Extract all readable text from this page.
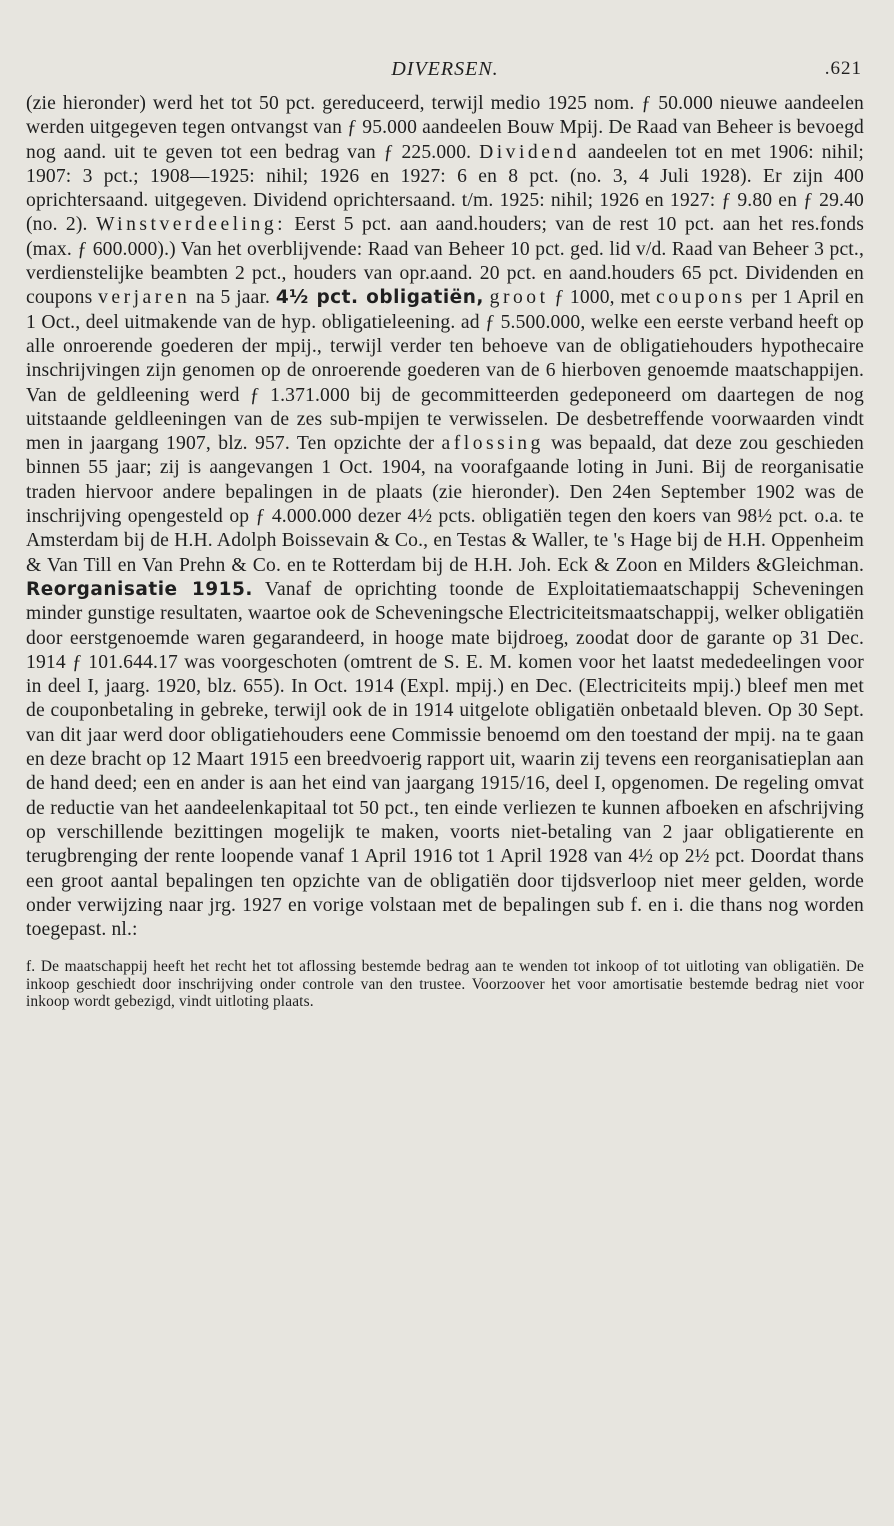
DIVERSEN.	.621

(zie hieronder) werd het tot 50 pct. gereduceerd, terwijl medio 1925 nom. ƒ 50.000 nieuwe aandeelen werden uitgegeven tegen ontvangst van ƒ 95.000 aandeelen Bouw Mpij. De Raad van Beheer is bevoegd nog aand. uit te geven tot een bedrag van ƒ 225.000. Dividend aandeelen tot en met 1906: nihil; 1907: 3 pct.; 1908—1925: nihil; 1926 en 1927: 6 en 8 pct. (no. 3, 4 Juli 1928). Er zijn 400 oprichtersaand. uitgegeven. Dividend oprichtersaand. t/m. 1925: nihil; 1926 en 1927: ƒ 9.80 en ƒ 29.40 (no. 2). Winstverdeeling: Eerst 5 pct. aan aand.houders; van de rest 10 pct. aan het res.fonds (max. ƒ 600.000).) Van het overblijvende: Raad van Beheer 10 pct. ged. lid v/d. Raad van Beheer 3 pct., verdienstelijke beambten 2 pct., houders van opr.aand. 20 pct. en aand.houders 65 pct. Dividenden en coupons verjaren na 5 jaar. 4½ pct. obligatiën, groot ƒ 1000, met coupons per 1 April en 1 Oct., deel uitmakende van de hyp. obligatieleening. ad ƒ 5.500.000, welke een eerste verband heeft op alle onroerende goederen der mpij., terwijl verder ten behoeve van de obligatiehouders hypothecaire inschrijvingen zijn genomen op de onroerende goederen van de 6 hierboven genoemde maatschappijen. Van de geldleening werd ƒ 1.371.000 bij de gecommitteerden gedeponeerd om daartegen de nog uitstaande geldleeningen van de zes sub-mpijen te verwisselen. De desbetreffende voorwaarden vindt men in jaargang 1907, blz. 957. Ten opzichte der aflossing was bepaald, dat deze zou geschieden binnen 55 jaar; zij is aangevangen 1 Oct. 1904, na voorafgaande loting in Juni. Bij de reorganisatie traden hiervoor andere bepalingen in de plaats (zie hieronder). Den 24en September 1902 was de inschrijving opengesteld op ƒ 4.000.000 dezer 4½ pcts. obligatiën tegen den koers van 98½ pct. o.a. te Amsterdam bij de H.H. Adolph Boissevain & Co., en Testas & Waller, te 's Hage bij de H.H. Oppenheim & Van Till en Van Prehn & Co. en te Rotterdam bij de H.H. Joh. Eck & Zoon en Milders &Gleichman. Reorganisatie 1915. Vanaf de oprichting toonde de Exploitatiemaatschappij Scheveningen minder gunstige resultaten, waartoe ook de Scheveningsche Electriciteitsmaatschappij, welker obligatiën door eerstgenoemde waren gegarandeerd, in hooge mate bijdroeg, zoodat door de garante op 31 Dec. 1914 ƒ 101.644.17 was voorgeschoten (omtrent de S. E. M. komen voor het laatst mededeelingen voor in deel I, jaarg. 1920, blz. 655). In Oct. 1914 (Expl. mpij.) en Dec. (Electriciteits mpij.) bleef men met de couponbetaling in gebreke, terwijl ook de in 1914 uitgelote obligatiën onbetaald bleven. Op 30 Sept. van dit jaar werd door obligatiehouders eene Commissie benoemd om den toestand der mpij. na te gaan en deze bracht op 12 Maart 1915 een breedvoerig rapport uit, waarin zij tevens een reorganisatieplan aan de hand deed; een en ander is aan het eind van jaargang 1915/16, deel I, opgenomen. De regeling omvat de reductie van het aandeelenkapitaal tot 50 pct., ten einde verliezen te kunnen afboeken en afschrijving op verschillende bezittingen mogelijk te maken, voorts niet-betaling van 2 jaar obligatierente en terugbrenging der rente loopende vanaf 1 April 1916 tot 1 April 1928 van 4½ op 2½ pct. Doordat thans een groot aantal bepalingen ten opzichte van de obligatiën door tijdsverloop niet meer gelden, worde onder verwijzing naar jrg. 1927 en vorige volstaan met de bepalingen sub f. en i. die thans nog worden toegepast. nl.:

f. De maatschappij heeft het recht het tot aflossing bestemde bedrag aan te wenden tot inkoop of tot uitloting van obligatiën. De inkoop geschiedt door inschrijving onder controle van den trustee. Voorzoover het voor amortisatie bestemde bedrag niet voor inkoop wordt gebezigd, vindt uitloting plaats.
